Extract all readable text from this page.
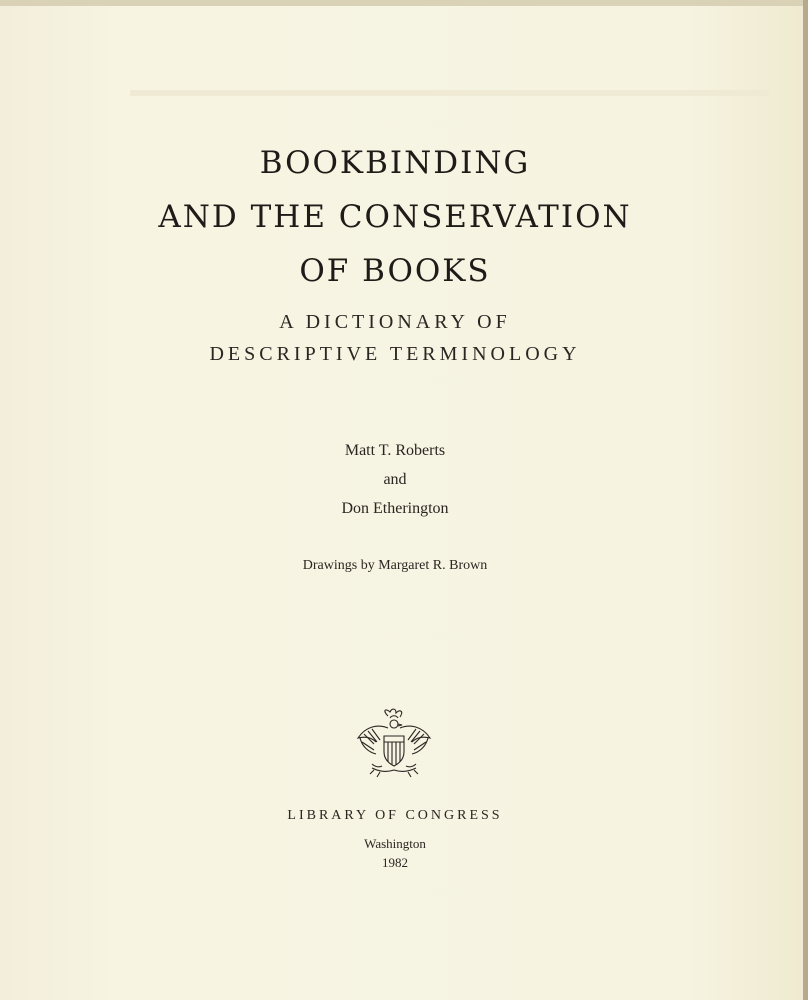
BOOKBINDING
AND THE CONSERVATION
OF BOOKS
A DICTIONARY OF
DESCRIPTIVE TERMINOLOGY
Matt T. Roberts
and
Don Etherington
Drawings by Margaret R. Brown
LIBRARY OF CONGRESS
Washington
1982
